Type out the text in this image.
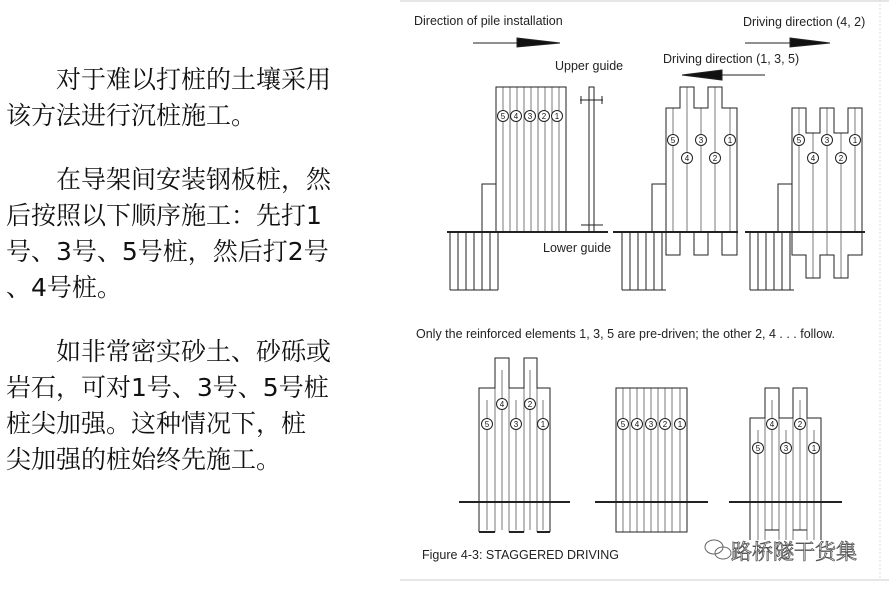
对于难以打桩的土壤采用
该方法进行沉桩施工。
在导架间安装钢板桩，然
后按照以下顺序施工：先打1
号、3号、5号桩，然后打2号
、4号桩。
如非常密实砂土、砂砾或
岩石，可对1号、3号、5号桩
桩尖加强。这种情况下，桩
尖加强的桩始终先施工。
Direction of pile installation
Upper guide
Driving direction (4, 2)
Driving direction (1, 3, 5)
Lower guide
Only the reinforced elements 1, 3, 5 are pre-driven; the other 2, 4 . . . follow.
5 4 3 2 1
5
4
3
2
1	5
4
3
2
1
5
4
3
2
1	5 4 3 2 1
5
4
3
2
1
Figure 4-3: STAGGERED DRIVING	路桥隧干货集
